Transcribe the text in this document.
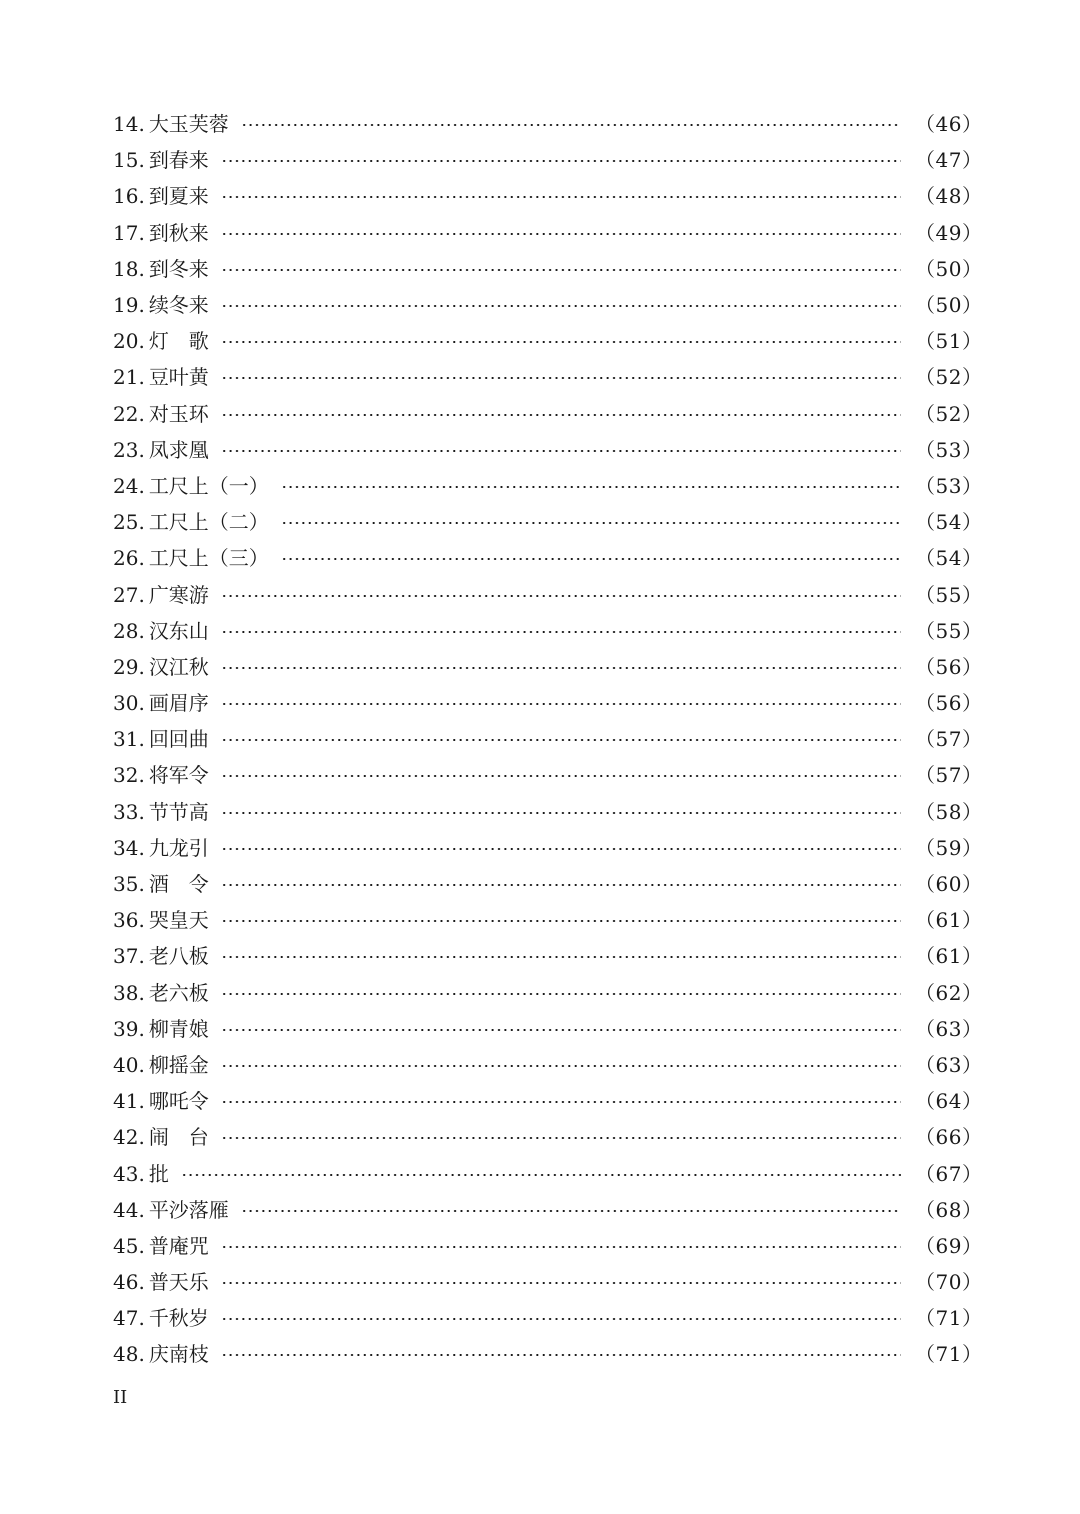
14. 大玉芙蓉	（46）
15. 到春来	（47）
16. 到夏来	（48）
17. 到秋来	（49）
18. 到冬来	（50）
19. 续冬来	（50）
20. 灯　歌	（51）
21. 豆叶黄	（52）
22. 对玉环	（52）
23. 凤求凰	（53）
24. 工尺上（一）	（53）
25. 工尺上（二）	（54）
26. 工尺上（三）	（54）
27. 广寒游	（55）
28. 汉东山	（55）
29. 汉江秋	（56）
30. 画眉序	（56）
31. 回回曲	（57）
32. 将军令	（57）
33. 节节高	（58）
34. 九龙引	（59）
35. 酒　令	（60）
36. 哭皇天	（61）
37. 老八板	（61）
38. 老六板	（62）
39. 柳青娘	（63）
40. 柳摇金	（63）
41. 哪吒令	（64）
42. 闹　台	（66）
43. 批	（67）
44. 平沙落雁	（68）
45. 普庵咒	（69）
46. 普天乐	（70）
47. 千秋岁	（71）
48. 庆南枝	（71）
II
